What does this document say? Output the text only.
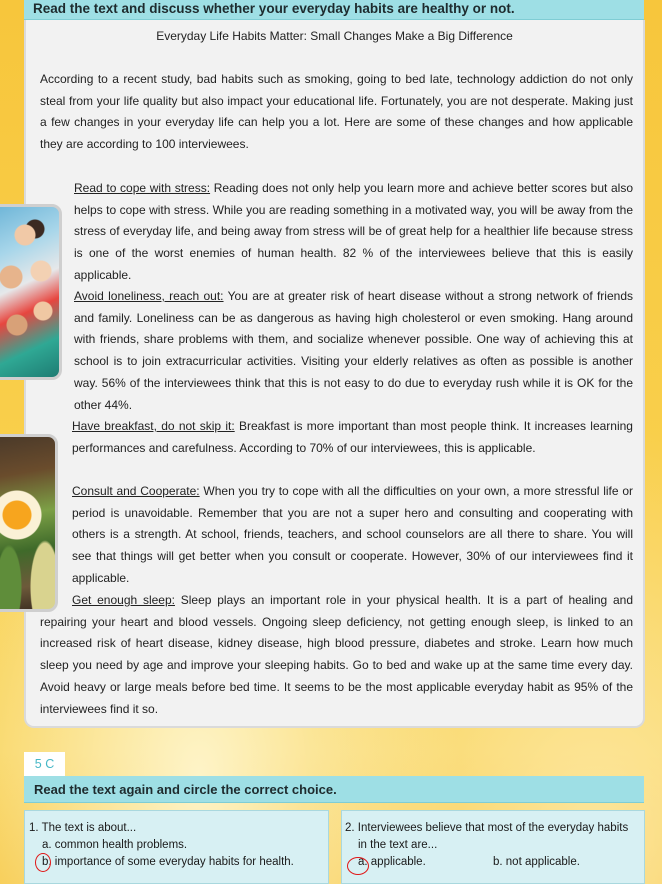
Read the text and discuss whether your everyday habits are healthy or not.
Everyday Life Habits Matter: Small Changes Make a Big Difference

According to a recent study, bad habits such as smoking, going to bed late, technology addiction do not only steal from your life quality but also impact your educational life. Fortunately, you are not desperate. Making just a few changes in your everyday life can help you a lot. Here are some of these changes and how applicable they are according to 100 interviewees.

Read to cope with stress: Reading does not only help you learn more and achieve better scores but also helps to cope with stress. While you are reading something in a motivated way, you will be away from the stress of everyday life, and being away from stress will be of great help for a healthier life because stress is one of the worst enemies of human health. 82 % of the interviewees believe that this is easily applicable.

Avoid loneliness, reach out: You are at greater risk of heart disease without a strong network of friends and family. Loneliness can be as dangerous as having high cholesterol or even smoking. Hang around with friends, share problems with them, and socialize whenever possible. One way of achieving this at school is to join extracurricular activities. Visiting your elderly relatives as often as possible is another way. 56% of the interviewees think that this is not easy to do due to everyday rush while it is OK for the other 44%.

Have breakfast, do not skip it: Breakfast is more important than most people think. It increases learning performances and carefulness. According to 70% of our interviewees, this is applicable.

Consult and Cooperate: When you try to cope with all the difficulties on your own, a more stressful life or period is unavoidable. Remember that you are not a super hero and consulting and cooperating with others is a strength. At school, friends, teachers, and school counselors are all there to share. You will see that things will get better when you consult or cooperate. However, 30% of our interviewees find it applicable.

Get enough sleep: Sleep plays an important role in your physical health. It is a part of healing and repairing your heart and blood vessels. Ongoing sleep deficiency, not getting enough sleep, is linked to an increased risk of heart disease, kidney disease, high blood pressure, diabetes and stroke. Learn how much sleep you need by age and improve your sleeping habits. Go to bed and wake up at the same time every day. Avoid heavy or large meals before bed time. It seems to be the most applicable everyday habit as 95% of the interviewees find it so.

5 C
Read the text again and circle the correct choice.
1. The text is about...
a. common health problems.
b. importance of some everyday habits for health.
2. Interviewees believe that most of the everyday habits
in the text are...
a. applicable.	b. not applicable.
